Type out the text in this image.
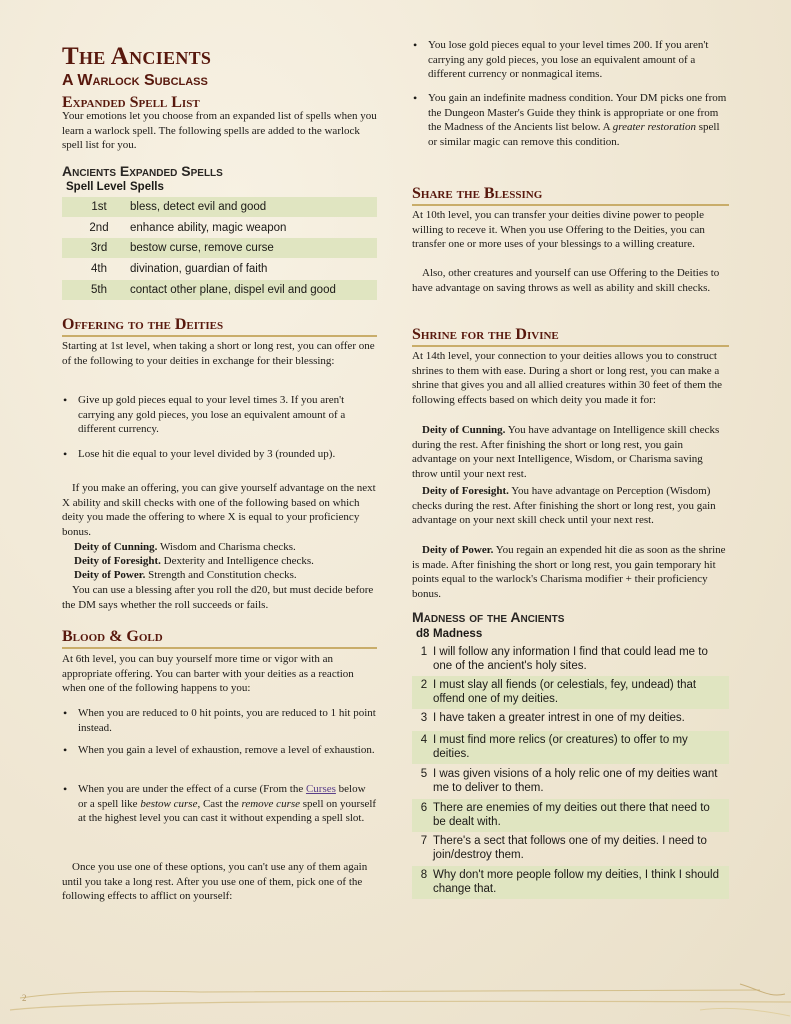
The Ancients
A Warlock Subclass
Expanded Spell List
Your emotions let you choose from an expanded list of spells when you learn a warlock spell. The following spells are added to the warlock spell list for you.
Ancients Expanded Spells
Spell Level Spells
1st	bless, detect evil and good
2nd	enhance ability, magic weapon
3rd	bestow curse, remove curse
4th	divination, guardian of faith
5th	contact other plane, dispel evil and good
Offering to the Deities
Starting at 1st level, when taking a short or long rest, you can offer one of the following to your deities in exchange for their blessing:
• Give up gold pieces equal to your level times 3. If you aren't carrying any gold pieces, you lose an equivalent amount of a different currency.
• Lose hit die equal to your level divided by 3 (rounded up).
If you make an offering, you can give yourself advantage on the next X ability and skill checks with one of the following based on which deity you made the offering to where X is equal to your proficiency bonus.
Deity of Cunning. Wisdom and Charisma checks.
Deity of Foresight. Dexterity and Intelligence checks.
Deity of Power. Strength and Constitution checks.
You can use a blessing after you roll the d20, but must decide before the DM says whether the roll succeeds or fails.
Blood & Gold
At 6th level, you can buy yourself more time or vigor with an appropriate offering. You can barter with your deities as a reaction when one of the following happens to you:
• When you are reduced to 0 hit points, you are reduced to 1 hit point instead.
• When you gain a level of exhaustion, remove a level of exhaustion.
• When you are under the effect of a curse (From the Curses below or a spell like bestow curse, Cast the remove curse spell on yourself at the highest level you can cast it without expending a spell slot.
Once you use one of these options, you can't use any of them again until you take a long rest. After you use one of them, pick one of the following effects to afflict on yourself:
• You lose gold pieces equal to your level times 200. If you aren't carrying any gold pieces, you lose an equivalent amount of a different currency or nonmagical items.
• You gain an indefinite madness condition. Your DM picks one from the Dungeon Master's Guide they think is appropriate or one from the Madness of the Ancients list below. A greater restoration spell or similar magic can remove this condition.
Share the Blessing
At 10th level, you can transfer your deities divine power to people willing to receve it. When you use Offering to the Deities, you can transfer one or more uses of your blessings to a willing creature.
Also, other creatures and yourself can use Offering to the Deities to have advantage on saving throws as well as ability and skill checks.
Shrine for the Divine
At 14th level, your connection to your deities allows you to construct shrines to them with ease. During a short or long rest, you can make a shrine that gives you and all allied creatures within 30 feet of them the following effects based on which deity you made it for:
Deity of Cunning. You have advantage on Intelligence skill checks during the rest. After finishing the short or long rest, you gain advantage on your next Intelligence, Wisdom, or Charisma saving throw until your next rest.
Deity of Foresight. You have advantage on Perception (Wisdom) checks during the rest. After finishing the short or long rest, you gain advantage on your next skill check until your next rest.
Deity of Power. You regain an expended hit die as soon as the shrine is made. After finishing the short or long rest, you gain temporary hit points equal to the warlock's Charisma modifier + their proficiency bonus.
Madness of the Ancients
d8 Madness
1 I will follow any information I find that could lead me to one of the ancient's holy sites.
2 I must slay all fiends (or celestials, fey, undead) that offend one of my deities.
3 I have taken a greater intrest in one of my deities.
4 I must find more relics (or creatures) to offer to my deities.
5 I was given visions of a holy relic one of my deities want me to deliver to them.
6 There are enemies of my deities out there that need to be dealt with.
7 There's a sect that follows one of my deities. I need to join/destroy them.
8 Why don't more people follow my deities, I think I should change that.
2
